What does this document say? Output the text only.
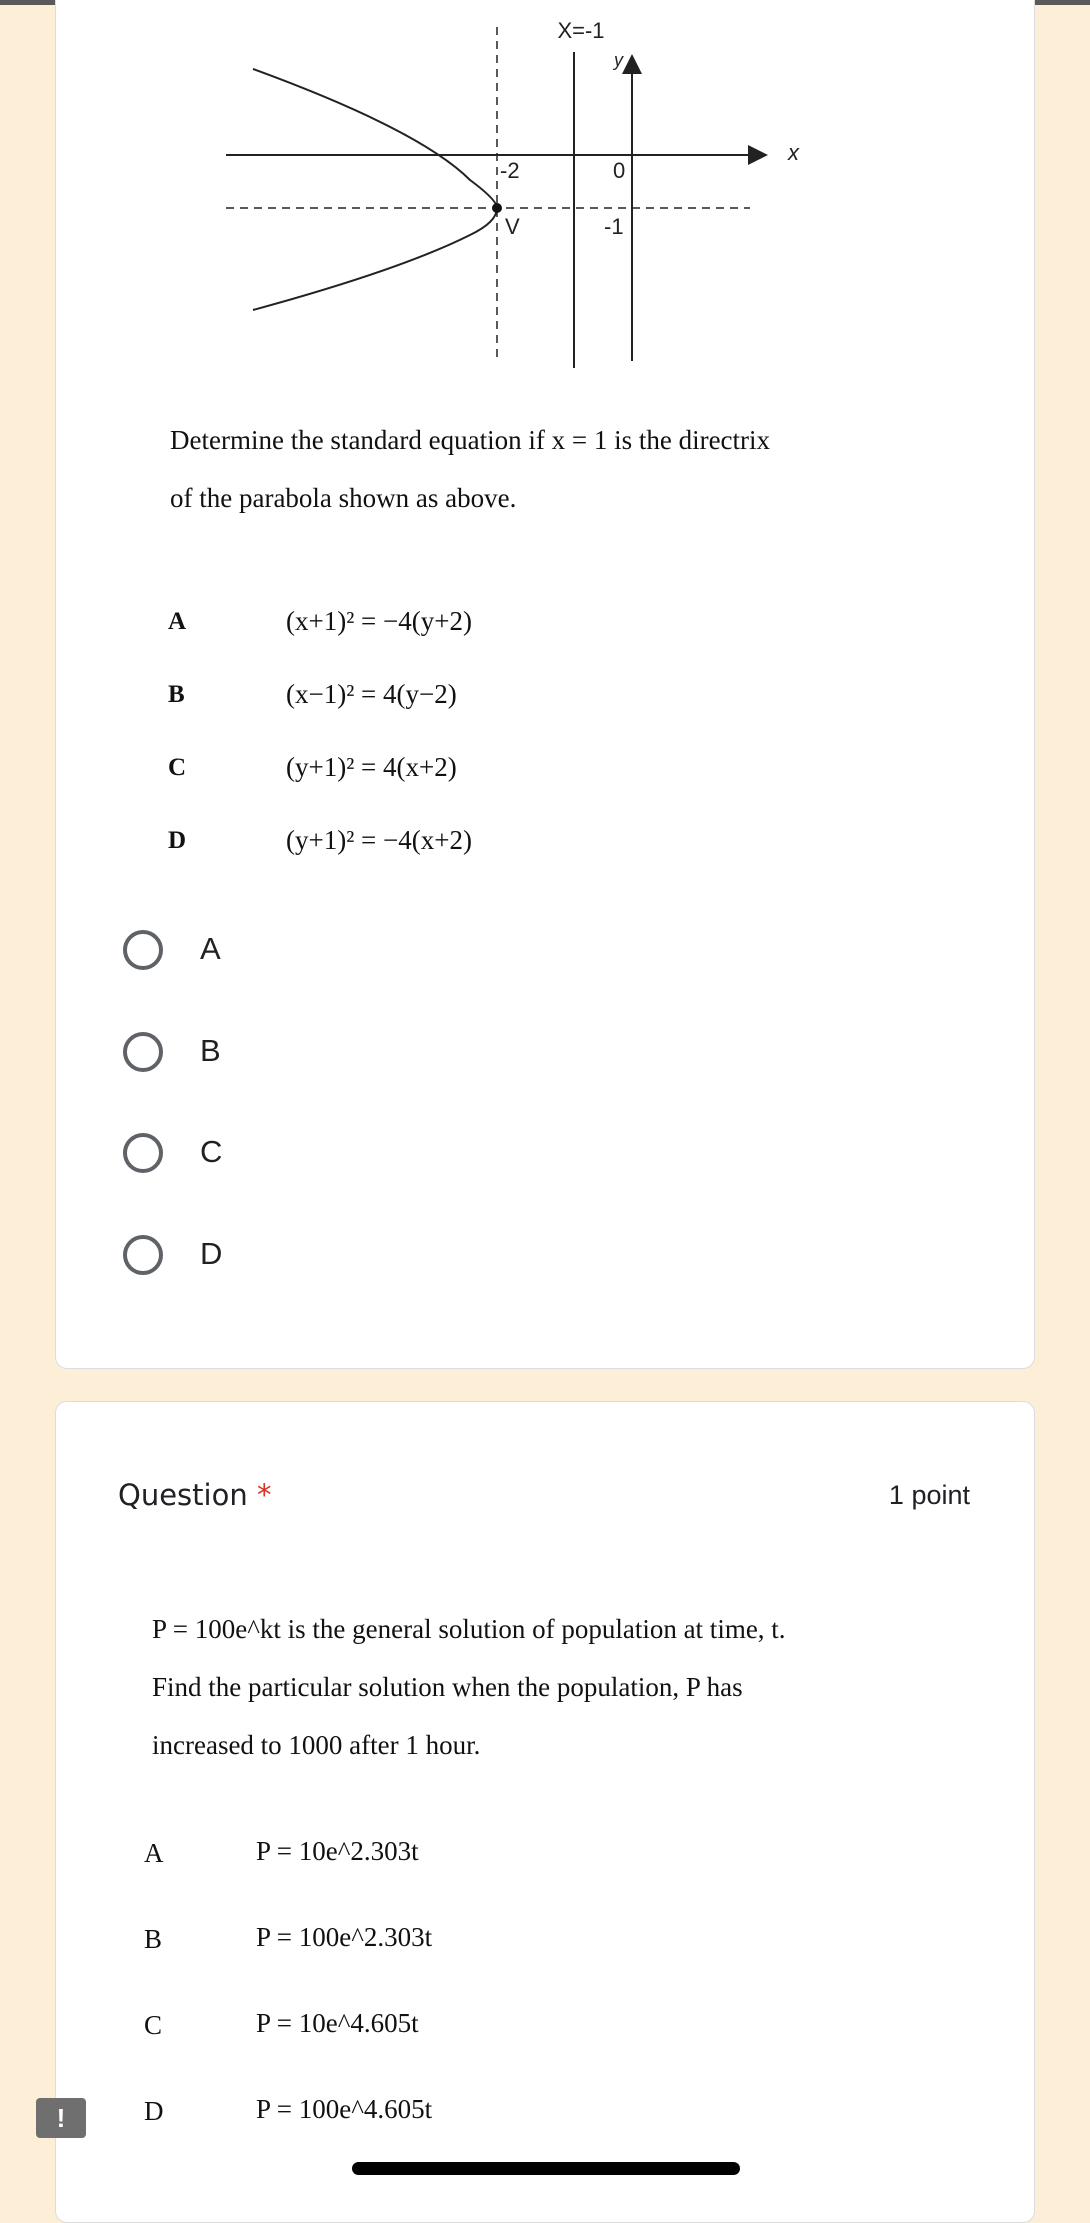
X=-1
y
x
-2	0
-1
V
Determine the standard equation if x = 1 is the directrix
of the parabola shown as above.
A	(x+1)² = −4(y+2)
B	(x−1)² = 4(y−2)
C	(y+1)² = 4(x+2)
D	(y+1)² = −4(x+2)
A
B
C
D
Question *	1 point
P = 100e^kt is the general solution of population at time, t.
Find the particular solution when the population, P has
increased to 1000 after 1 hour.
A	P = 10e^2.303t
B	P = 100e^2.303t
C	P = 10e^4.605t
D	P = 100e^4.605t
!
